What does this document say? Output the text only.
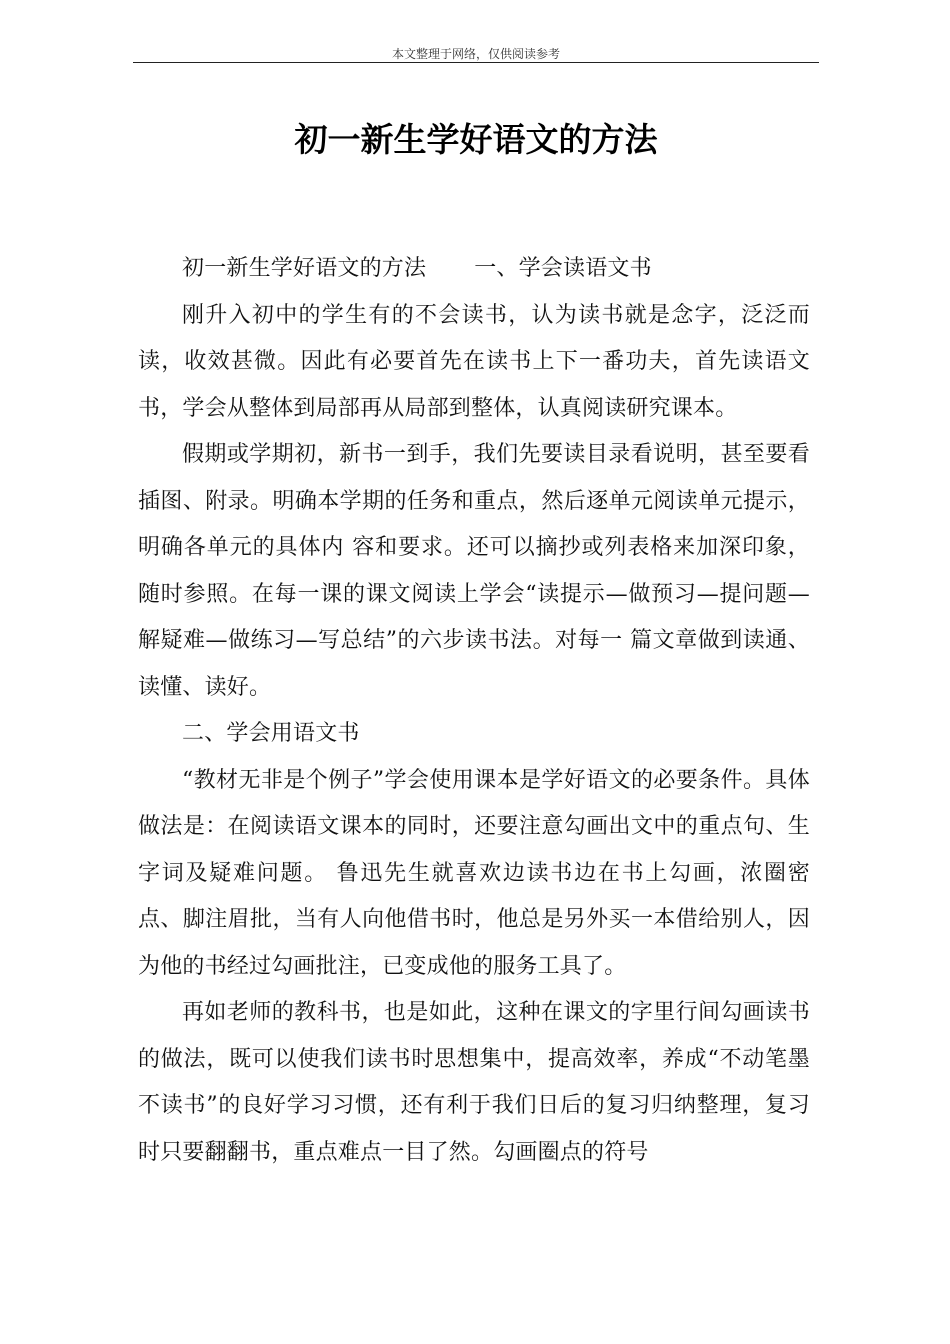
本文整理于网络，仅供阅读参考
初一新生学好语文的方法

初一新生学好语文的方法 一、学会读语文书

刚升入初中的学生有的不会读书，认为读书就是念字，泛泛而读，收效甚微。因此有必要首先在读书上下一番功夫，首先读语文书，学会从整体到局部再从局部到整体，认真阅读研究课本。

假期或学期初，新书一到手，我们先要读目录看说明，甚至要看插图、附录。明确本学期的任务和重点，然后逐单元阅读单元提示，明确各单元的具体内 容和要求。还可以摘抄或列表格来加深印象，随时参照。在每一课的课文阅读上学会“读提示—做预习—提问题—解疑难—做练习—写总结”的六步读书法。对每一 篇文章做到读通、读懂、读好。

二、学会用语文书

“教材无非是个例子”学会使用课本是学好语文的必要条件。具体做法是：在阅读语文课本的同时，还要注意勾画出文中的重点句、生字词及疑难问题。 鲁迅先生就喜欢边读书边在书上勾画，浓圈密点、脚注眉批，当有人向他借书时，他总是另外买一本借给别人，因为他的书经过勾画批注，已变成他的服务工具了。

再如老师的教科书，也是如此，这种在课文的字里行间勾画读书的做法，既可以使我们读书时思想集中，提高效率，养成“不动笔墨不读书”的良好学习习惯，还有利于我们日后的复习归纳整理，复习时只要翻翻书，重点难点一目了然。勾画圈点的符号
